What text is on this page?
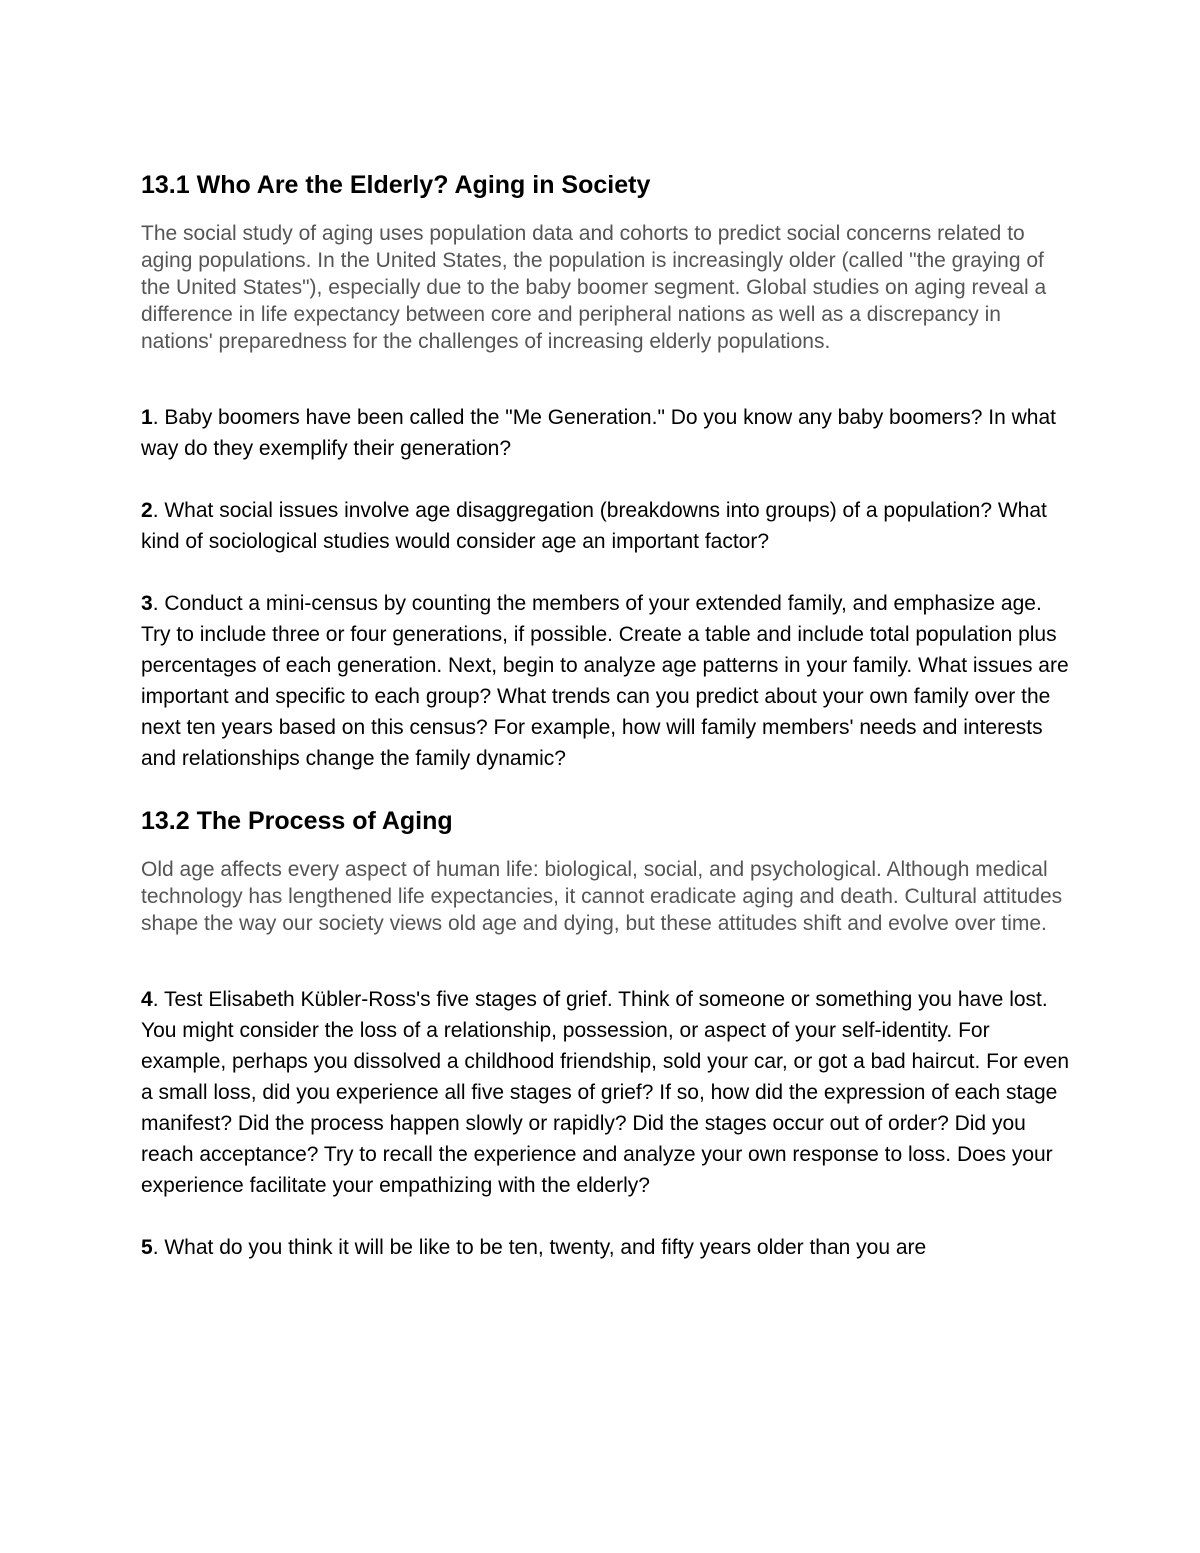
13.1 Who Are the Elderly? Aging in Society

The social study of aging uses population data and cohorts to predict social concerns related to aging populations. In the United States, the population is increasingly older (called "the graying of the United States"), especially due to the baby boomer segment. Global studies on aging reveal a difference in life expectancy between core and peripheral nations as well as a discrepancy in nations' preparedness for the challenges of increasing elderly populations.

1. Baby boomers have been called the "Me Generation." Do you know any baby boomers? In what way do they exemplify their generation?

2. What social issues involve age disaggregation (breakdowns into groups) of a population? What kind of sociological studies would consider age an important factor?

3. Conduct a mini-census by counting the members of your extended family, and emphasize age. Try to include three or four generations, if possible. Create a table and include total population plus percentages of each generation. Next, begin to analyze age patterns in your family. What issues are important and specific to each group? What trends can you predict about your own family over the next ten years based on this census? For example, how will family members' needs and interests and relationships change the family dynamic?

13.2 The Process of Aging

Old age affects every aspect of human life: biological, social, and psychological. Although medical technology has lengthened life expectancies, it cannot eradicate aging and death. Cultural attitudes shape the way our society views old age and dying, but these attitudes shift and evolve over time.

4. Test Elisabeth Kübler-Ross's five stages of grief. Think of someone or something you have lost. You might consider the loss of a relationship, possession, or aspect of your self-identity. For example, perhaps you dissolved a childhood friendship, sold your car, or got a bad haircut. For even a small loss, did you experience all five stages of grief? If so, how did the expression of each stage manifest? Did the process happen slowly or rapidly? Did the stages occur out of order? Did you reach acceptance? Try to recall the experience and analyze your own response to loss. Does your experience facilitate your empathizing with the elderly?

5. What do you think it will be like to be ten, twenty, and fifty years older than you are
